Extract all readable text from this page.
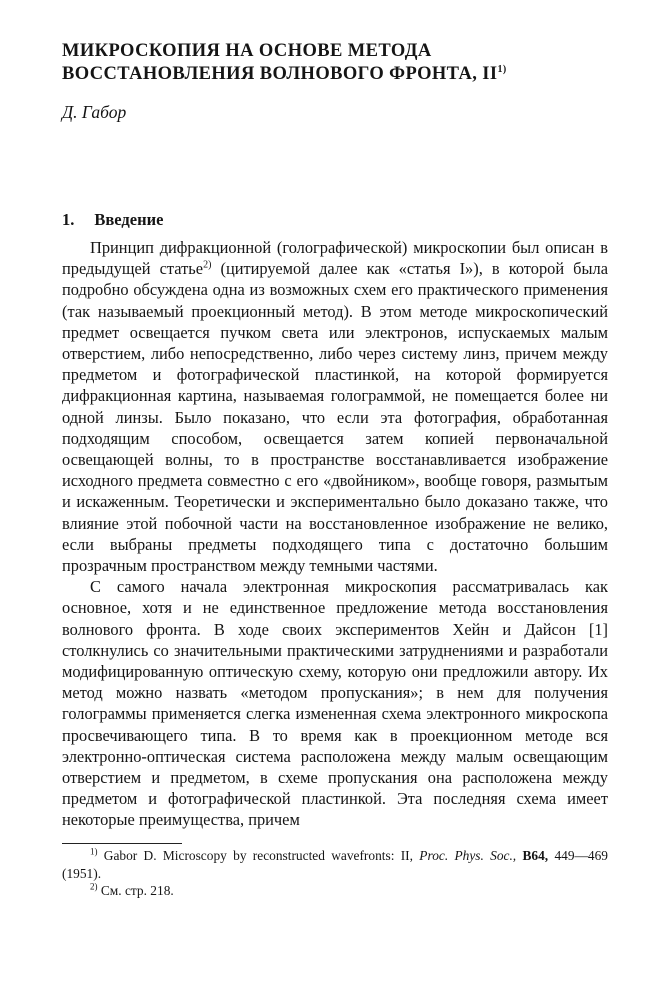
МИКРОСКОПИЯ НА ОСНОВЕ МЕТОДА ВОССТАНОВЛЕНИЯ ВОЛНОВОГО ФРОНТА, II$^{1)}$

Д. Габор

1. Введение

Принцип дифракционной (голографической) микроскопии был описан в предыдущей статье$^{2)}$ (цитируемой далее как «статья I»), в которой была подробно обсуждена одна из возможных схем его практического применения (так называемый проекционный метод). В этом методе микроскопический предмет освещается пучком света или электронов, испускаемых малым отверстием, либо непосредственно, либо через систему линз, причем между предметом и фотографической пластинкой, на которой формируется дифракционная картина, называемая голограммой, не помещается более ни одной линзы. Было показано, что если эта фотография, обработанная подходящим способом, освещается затем копией первоначальной освещающей волны, то в пространстве восстанавливается изображение исходного предмета совместно с его «двойником», вообще говоря, размытым и искаженным. Теоретически и экспериментально было доказано также, что влияние этой побочной части на восстановленное изображение не велико, если выбраны предметы подходящего типа с достаточно большим прозрачным пространством между темными частями.

С самого начала электронная микроскопия рассматривалась как основное, хотя и не единственное предложение метода восстановления волнового фронта. В ходе своих экспериментов Хейн и Дайсон [1] столкнулись со значительными практическими затруднениями и разработали модифицированную оптическую схему, которую они предложили автору. Их метод можно назвать «методом пропускания»; в нем для получения голограммы применяется слегка измененная схема электронного микроскопа просвечивающего типа. В то время как в проекционном методе вся электронно-оптическая система расположена между малым освещающим отверстием и предметом, в схеме пропускания она расположена между предметом и фотографической пластинкой. Эта последняя схема имеет некоторые преимущества, причем

$^{1)}$ Gabor D. Microscopy by reconstructed wavefronts: II, Proc. Phys. Soc., B64, 449—469 (1951).

$^{2)}$ См. стр. 218.
